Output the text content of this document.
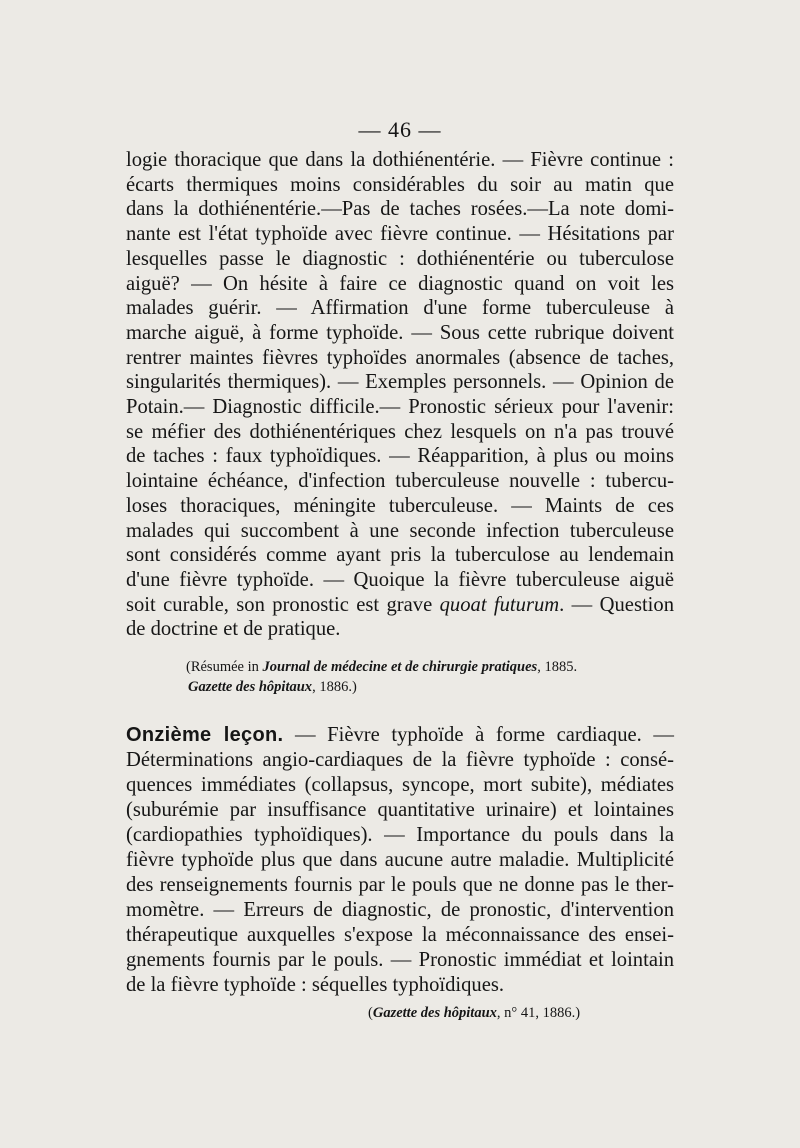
— 46 —
logie thoracique que dans la dothiénentérie. — Fièvre continue :
écarts thermiques moins considérables du soir au matin que
dans la dothiénentérie.—Pas de taches rosées.—La note domi-
nante est l'état typhoïde avec fièvre continue. — Hésitations par
lesquelles passe le diagnostic : dothiénentérie ou tuberculose
aiguë? — On hésite à faire ce diagnostic quand on voit les
malades guérir. — Affirmation d'une forme tuberculeuse à
marche aiguë, à forme typhoïde. — Sous cette rubrique doivent
rentrer maintes fièvres typhoïdes anormales (absence de taches,
singularités thermiques). — Exemples personnels. — Opinion de
Potain.— Diagnostic difficile.— Pronostic sérieux pour l'avenir:
se méfier des dothiénentériques chez lesquels on n'a pas trouvé
de taches : faux typhoïdiques. — Réapparition, à plus ou moins
lointaine échéance, d'infection tuberculeuse nouvelle : tubercu-
loses thoraciques, méningite tuberculeuse. — Maints de ces
malades qui succombent à une seconde infection tuberculeuse
sont considérés comme ayant pris la tuberculose au lendemain
d'une fièvre typhoïde. — Quoique la fièvre tuberculeuse aiguë
soit curable, son pronostic est grave quoat futurum. — Question
de doctrine et de pratique.
(Résumée in Journal de médecine et de chirurgie pratiques, 1885.
Gazette des hôpitaux, 1886.)
Onzième leçon. — Fièvre typhoïde à forme cardiaque. —
Déterminations angio-cardiaques de la fièvre typhoïde : consé-
quences immédiates (collapsus, syncope, mort subite), médiates
(suburémie par insuffisance quantitative urinaire) et lointaines
(cardiopathies typhoïdiques). — Importance du pouls dans la
fièvre typhoïde plus que dans aucune autre maladie. Multiplicité
des renseignements fournis par le pouls que ne donne pas le ther-
momètre. — Erreurs de diagnostic, de pronostic, d'intervention
thérapeutique auxquelles s'expose la méconnaissance des ensei-
gnements fournis par le pouls. — Pronostic immédiat et lointain
de la fièvre typhoïde : séquelles typhoïdiques.
(Gazette des hôpitaux, n° 41, 1886.)
